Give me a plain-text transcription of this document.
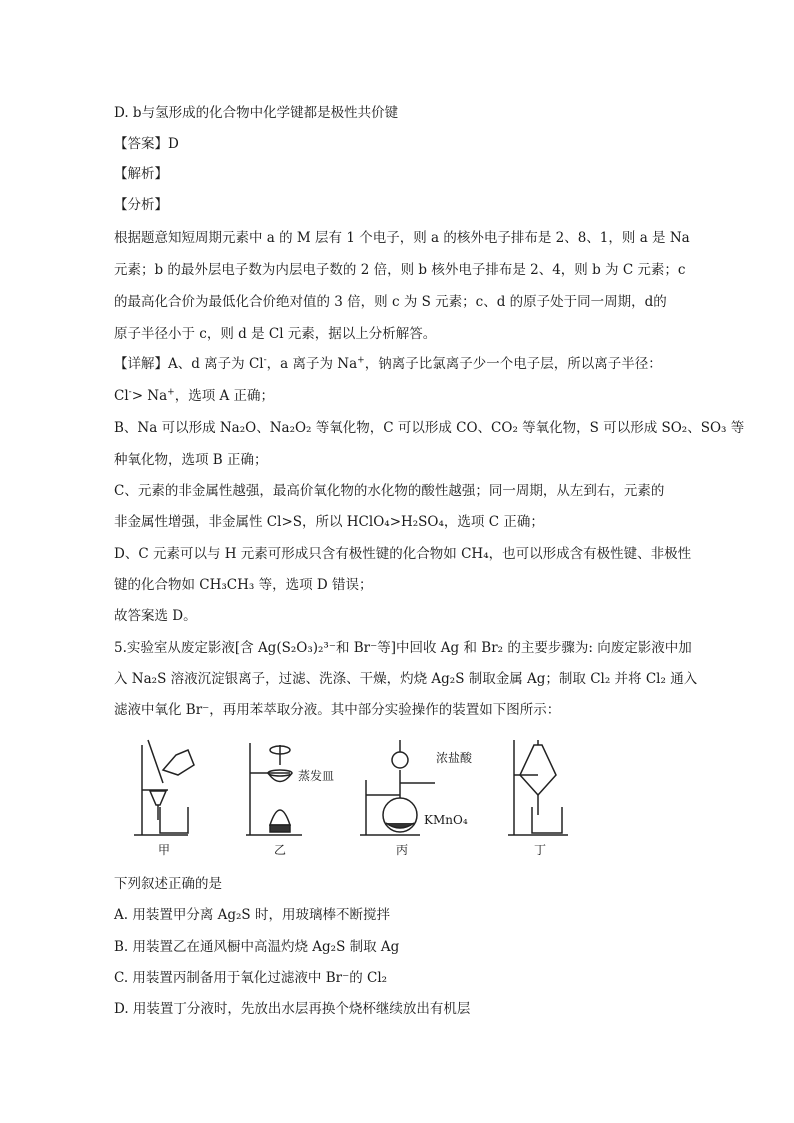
D. b与氢形成的化合物中化学键都是极性共价键
【答案】D
【解析】
【分析】
根据题意知短周期元素中 a 的 M 层有 1 个电子，则 a 的核外电子排布是 2、8、1，则 a 是 Na
元素；b 的最外层电子数为内层电子数的 2 倍，则 b 核外电子排布是 2、4，则 b 为 C 元素；c
的最高化合价为最低化合价绝对值的 3 倍，则 c 为 S 元素；c、d 的原子处于同一周期，d的
原子半径小于 c，则 d 是 Cl 元素，据以上分析解答。
【详解】A、d 离子为 Cl-，a 离子为 Na+，钠离子比氯离子少一个电子层，所以离子半径：
Cl-> Na+，选项 A 正确；
B、Na 可以形成 Na₂O、Na₂O₂ 等氧化物，C 可以形成 CO、CO₂ 等氧化物，S 可以形成 SO₂、SO₃ 等
种氧化物，选项 B 正确；
C、元素的非金属性越强，最高价氧化物的水化物的酸性越强；同一周期，从左到右，元素的
非金属性增强，非金属性 Cl>S，所以 HClO₄>H₂SO₄，选项 C 正确；
D、C 元素可以与 H 元素可形成只含有极性键的化合物如 CH₄，也可以形成含有极性键、非极性
键的化合物如 CH₃CH₃ 等，选项 D 错误；
故答案选 D。
5.实验室从废定影液[含 Ag(S₂O₃)₂³⁻和 Br⁻等]中回收 Ag 和 Br₂ 的主要步骤为: 向废定影液中加
入 Na₂S 溶液沉淀银离子，过滤、洗涤、干燥，灼烧 Ag₂S 制取金属 Ag；制取 Cl₂ 并将 Cl₂ 通入
滤液中氧化 Br⁻，再用苯萃取分液。其中部分实验操作的装置如下图所示：
甲	乙	丙	丁
蒸发皿
浓盐酸
KMnO₄
下列叙述正确的是
A. 用装置甲分离 Ag₂S 时，用玻璃棒不断搅拌
B. 用装置乙在通风橱中高温灼烧 Ag₂S 制取 Ag
C. 用装置丙制备用于氧化过滤液中 Br⁻的 Cl₂
D. 用装置丁分液时，先放出水层再换个烧杯继续放出有机层
